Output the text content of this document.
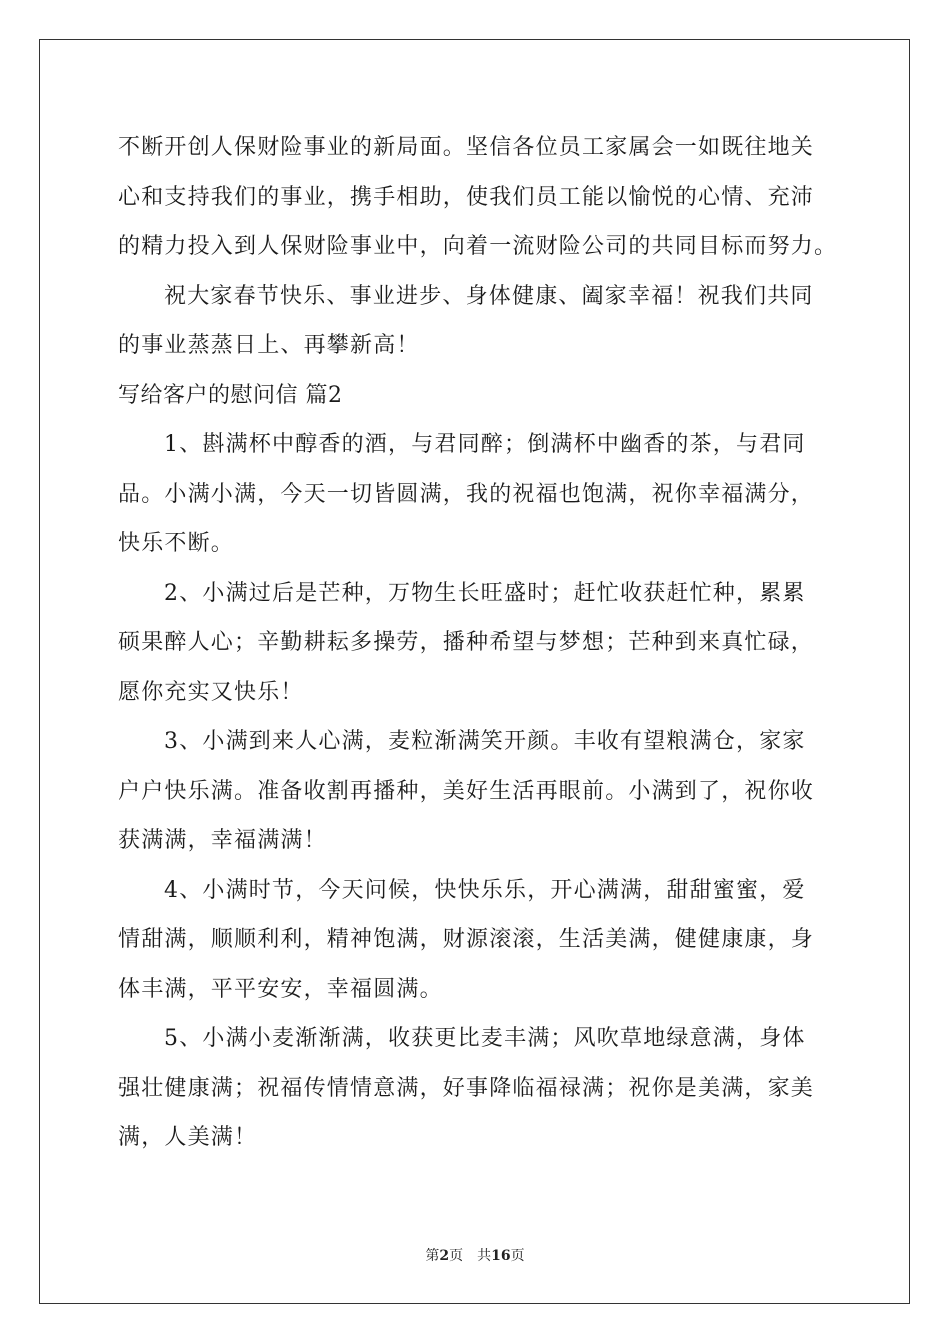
不断开创人保财险事业的新局面。坚信各位员工家属会一如既往地关
心和支持我们的事业，携手相助，使我们员工能以愉悦的心情、充沛
的精力投入到人保财险事业中，向着一流财险公司的共同目标而努力。
祝大家春节快乐、事业进步、身体健康、阖家幸福！祝我们共同
的事业蒸蒸日上、再攀新高！
写给客户的慰问信 篇2
1、斟满杯中醇香的酒，与君同醉；倒满杯中幽香的茶，与君同
品。小满小满，今天一切皆圆满，我的祝福也饱满，祝你幸福满分，
快乐不断。
2、小满过后是芒种，万物生长旺盛时；赶忙收获赶忙种，累累
硕果醉人心；辛勤耕耘多操劳，播种希望与梦想；芒种到来真忙碌，
愿你充实又快乐！
3、小满到来人心满，麦粒渐满笑开颜。丰收有望粮满仓，家家
户户快乐满。准备收割再播种，美好生活再眼前。小满到了，祝你收
获满满，幸福满满！
4、小满时节，今天问候，快快乐乐，开心满满，甜甜蜜蜜，爱
情甜满，顺顺利利，精神饱满，财源滚滚，生活美满，健健康康，身
体丰满，平平安安，幸福圆满。
5、小满小麦渐渐满，收获更比麦丰满；风吹草地绿意满，身体
强壮健康满；祝福传情情意满，好事降临福禄满；祝你是美满，家美
满，人美满！
第2页 共16页
